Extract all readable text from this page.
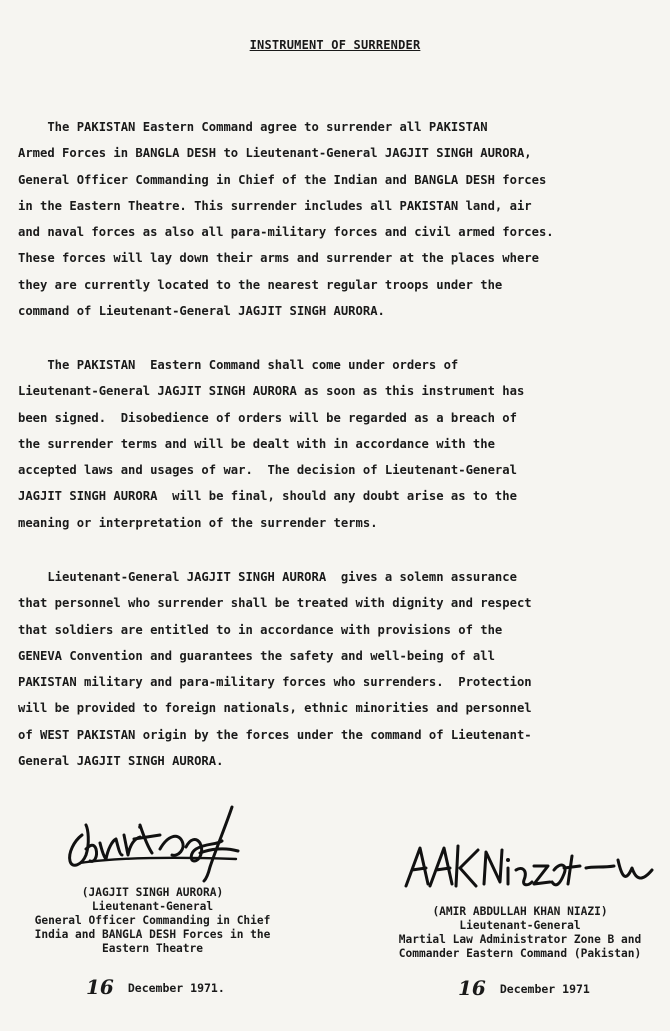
INSTRUMENT OF SURRENDER

The PAKISTAN Eastern Command agree to surrender all PAKISTAN
Armed Forces in BANGLA DESH to Lieutenant-General JAGJIT SINGH AURORA,
General Officer Commanding in Chief of the Indian and BANGLA DESH forces
in the Eastern Theatre. This surrender includes all PAKISTAN land, air
and naval forces as also all para-military forces and civil armed forces.
These forces will lay down their arms and surrender at the places where
they are currently located to the nearest regular troops under the
command of Lieutenant-General JAGJIT SINGH AURORA.

The PAKISTAN  Eastern Command shall come under orders of
Lieutenant-General JAGJIT SINGH AURORA as soon as this instrument has
been signed.  Disobedience of orders will be regarded as a breach of
the surrender terms and will be dealt with in accordance with the
accepted laws and usages of war.  The decision of Lieutenant-General
JAGJIT SINGH AURORA  will be final, should any doubt arise as to the
meaning or interpretation of the surrender terms.

Lieutenant-General JAGJIT SINGH AURORA  gives a solemn assurance
that personnel who surrender shall be treated with dignity and respect
that soldiers are entitled to in accordance with provisions of the
GENEVA Convention and guarantees the safety and well-being of all
PAKISTAN military and para-military forces who surrenders.  Protection
will be provided to foreign nationals, ethnic minorities and personnel
of WEST PAKISTAN origin by the forces under the command of Lieutenant-
General JAGJIT SINGH AURORA.

(JAGJIT SINGH AURORA)
Lieutenant-General
General Officer Commanding in Chief
India and BANGLA DESH Forces in the
Eastern Theatre
(AMIR ABDULLAH KHAN NIAZI)
Lieutenant-General
Martial Law Administrator Zone B and
Commander Eastern Command (Pakistan)
16 December 1971.	16 December 1971
